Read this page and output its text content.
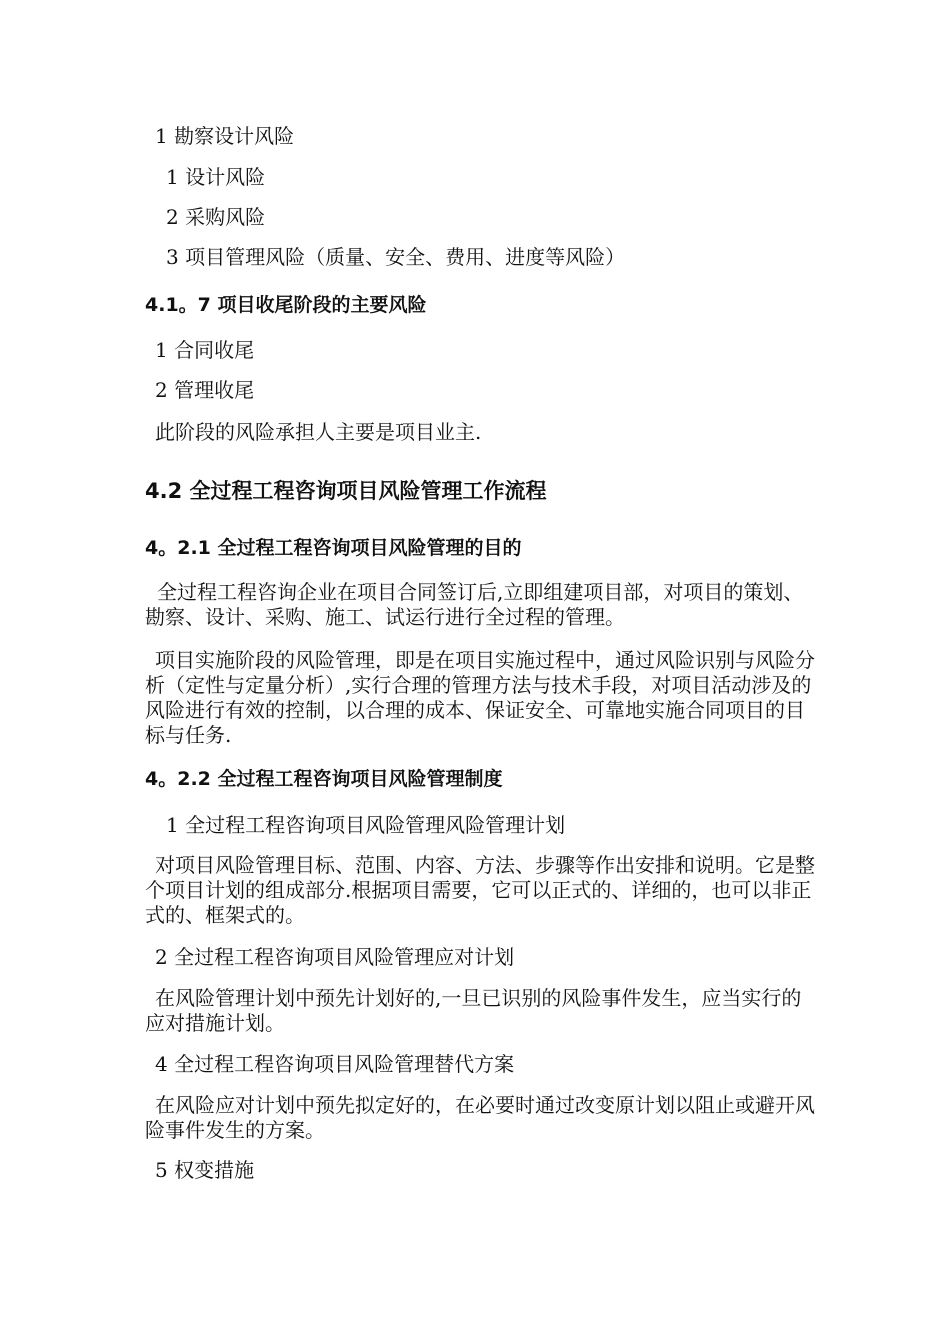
1 勘察设计风险

1 设计风险

2 采购风险

3 项目管理风险（质量、安全、费用、进度等风险）

4.1。7 项目收尾阶段的主要风险

1 合同收尾

2 管理收尾

此阶段的风险承担人主要是项目业主.

4.2 全过程工程咨询项目风险管理工作流程
4。2.1 全过程工程咨询项目风险管理的目的

全过程工程咨询企业在项目合同签订后,立即组建项目部，对项目的策划、勘察、设计、采购、施工、试运行进行全过程的管理。

项目实施阶段的风险管理，即是在项目实施过程中，通过风险识别与风险分析（定性与定量分析）,实行合理的管理方法与技术手段，对项目活动涉及的风险进行有效的控制，以合理的成本、保证安全、可靠地实施合同项目的目标与任务.

4。2.2 全过程工程咨询项目风险管理制度

1 全过程工程咨询项目风险管理风险管理计划

对项目风险管理目标、范围、内容、方法、步骤等作出安排和说明。它是整个项目计划的组成部分.根据项目需要，它可以正式的、详细的，也可以非正式的、框架式的。

2 全过程工程咨询项目风险管理应对计划

在风险管理计划中预先计划好的,一旦已识别的风险事件发生，应当实行的应对措施计划。

4 全过程工程咨询项目风险管理替代方案

在风险应对计划中预先拟定好的，在必要时通过改变原计划以阻止或避开风险事件发生的方案。

5 权变措施
